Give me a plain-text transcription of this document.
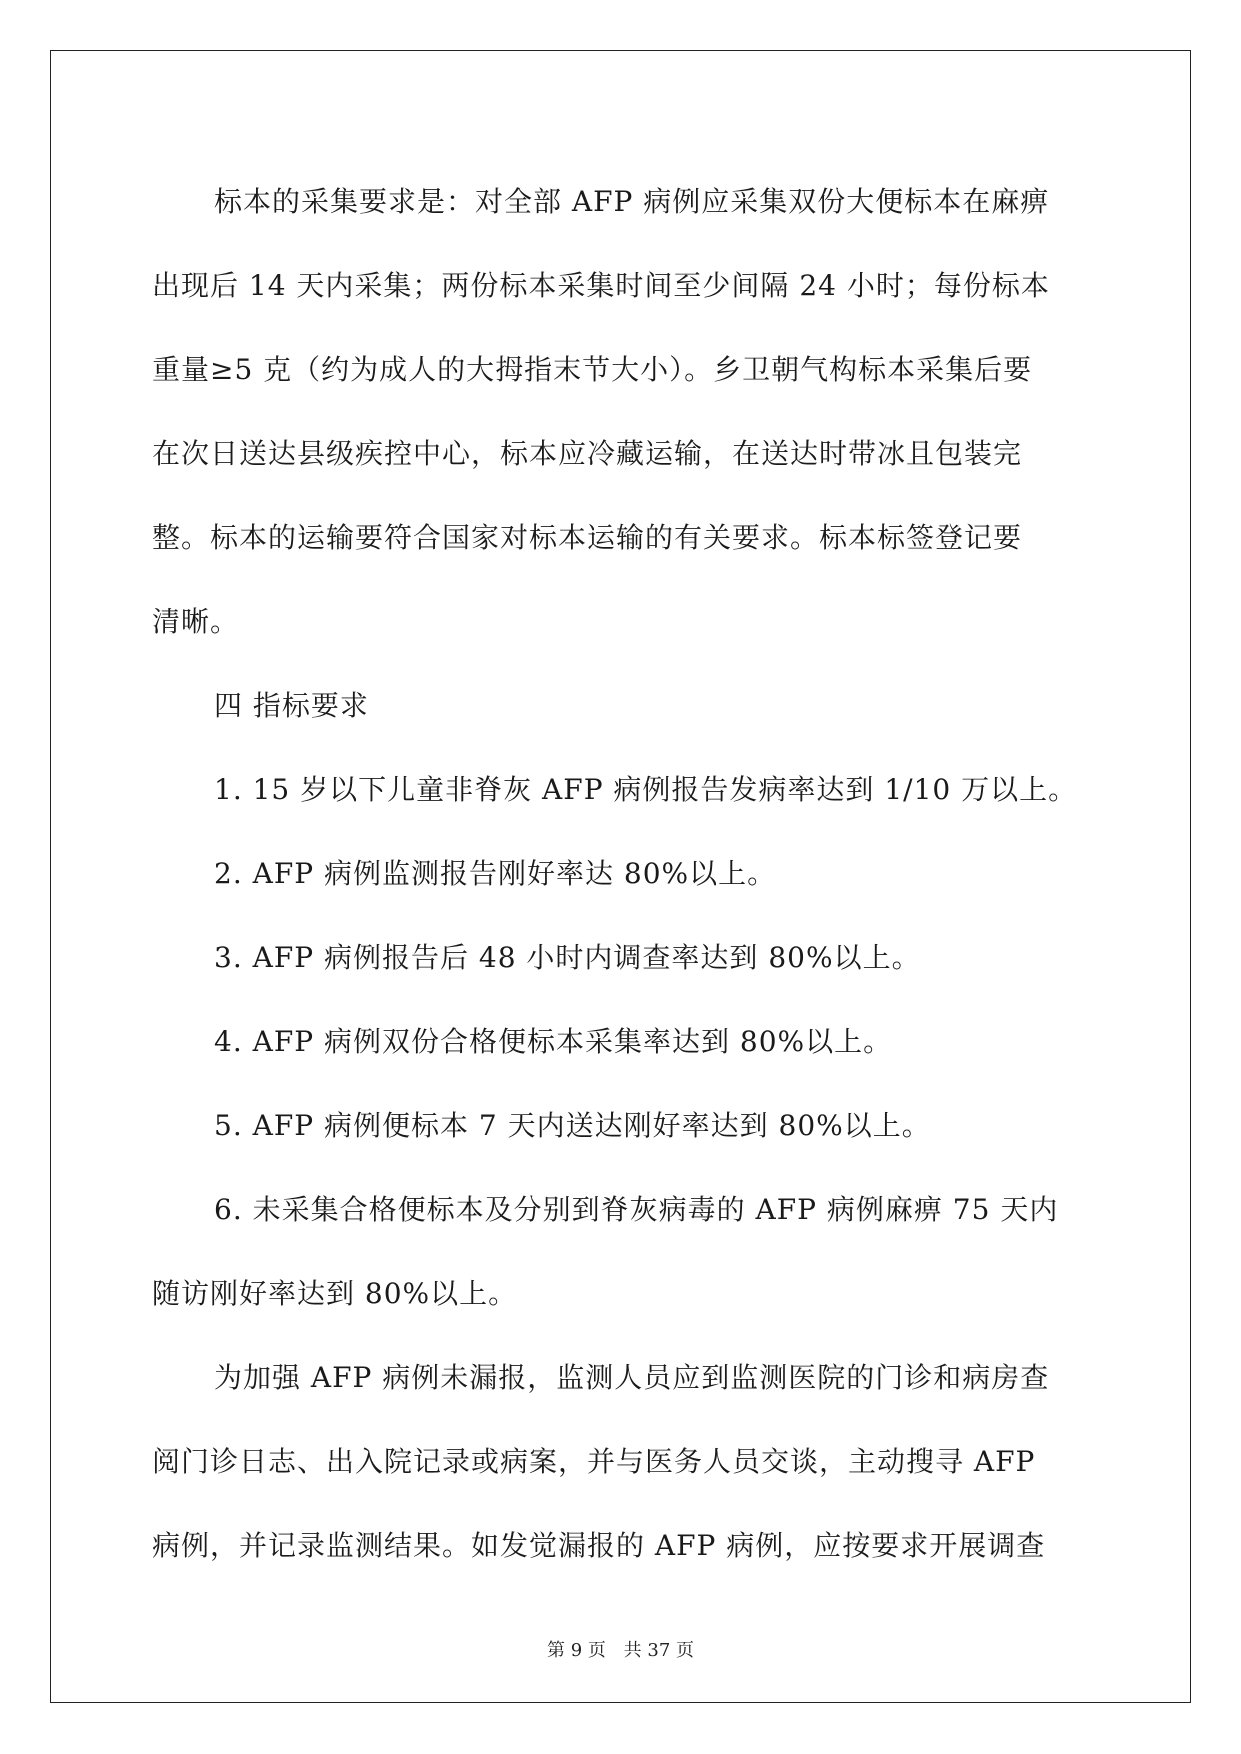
标本的采集要求是：对全部 AFP 病例应采集双份大便标本在麻痹
出现后 14 天内采集；两份标本采集时间至少间隔 24 小时；每份标本
重量≥5 克（约为成人的大拇指末节大小）。乡卫朝气构标本采集后要
在次日送达县级疾控中心，标本应冷藏运输，在送达时带冰且包装完
整。标本的运输要符合国家对标本运输的有关要求。标本标签登记要
清晰。
四 指标要求
1. 15 岁以下儿童非脊灰 AFP 病例报告发病率达到 1/10 万以上。
2. AFP 病例监测报告刚好率达 80%以上。
3. AFP 病例报告后 48 小时内调查率达到 80%以上。
4. AFP 病例双份合格便标本采集率达到 80%以上。
5. AFP 病例便标本 7 天内送达刚好率达到 80%以上。
6. 未采集合格便标本及分别到脊灰病毒的 AFP 病例麻痹 75 天内
随访刚好率达到 80%以上。
为加强 AFP 病例未漏报，监测人员应到监测医院的门诊和病房查
阅门诊日志、出入院记录或病案，并与医务人员交谈，主动搜寻 AFP
病例，并记录监测结果。如发觉漏报的 AFP 病例，应按要求开展调查
第 9 页 共 37 页
